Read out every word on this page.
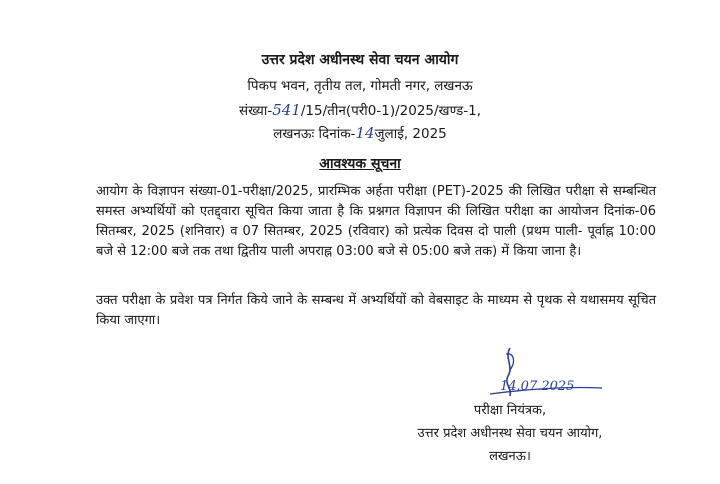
उत्तर प्रदेश अधीनस्थ सेवा चयन आयोग
पिकप भवन, तृतीय तल, गोमती नगर, लखनऊ
संख्या-541/15/तीन(परी0-1)/2025/खण्ड-1,
लखनऊः दिनांक-14जुलाई, 2025
आवश्यक सूचना
आयोग के विज्ञापन संख्या-01-परीक्षा/2025, प्रारम्भिक अर्हता परीक्षा (PET)-2025 की लिखित परीक्षा से सम्बन्धित समस्त अभ्यर्थियों को एतद्द्वारा सूचित किया जाता है कि प्रश्नगत विज्ञापन की लिखित परीक्षा का आयोजन दिनांक-06 सितम्बर, 2025 (शनिवार) व 07 सितम्बर, 2025 (रविवार) को प्रत्येक दिवस दो पाली (प्रथम पाली- पूर्वाह्न 10:00 बजे से 12:00 बजे तक तथा द्वितीय पाली अपराह्न 03:00 बजे से 05:00 बजे तक) में किया जाना है।
उक्त परीक्षा के प्रवेश पत्र निर्गत किये जाने के सम्बन्ध में अभ्यर्थियों को वेबसाइट के माध्यम से पृथक से यथासमय सूचित किया जाएगा।
14.07.2025
परीक्षा नियंत्रक,
उत्तर प्रदेश अधीनस्थ सेवा चयन आयोग,
लखनऊ।
